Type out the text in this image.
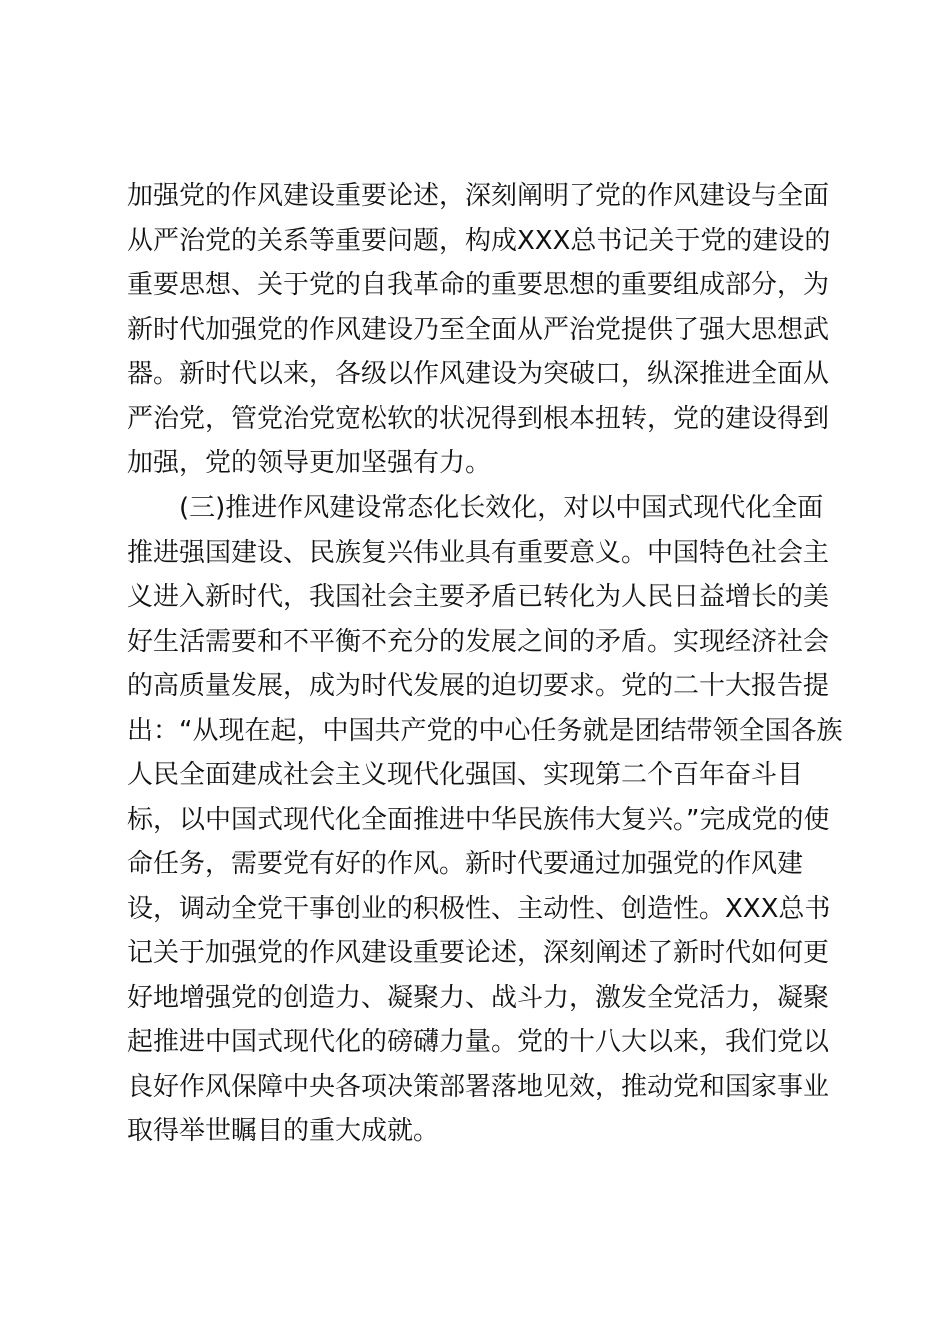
加强党的作风建设重要论述，深刻阐明了党的作风建设与全面
从严治党的关系等重要问题，构成XXX总书记关于党的建设的
重要思想、关于党的自我革命的重要思想的重要组成部分，为
新时代加强党的作风建设乃至全面从严治党提供了强大思想武
器。新时代以来，各级以作风建设为突破口，纵深推进全面从
严治党，管党治党宽松软的状况得到根本扭转，党的建设得到
加强，党的领导更加坚强有力。
(三)推进作风建设常态化长效化，对以中国式现代化全面
推进强国建设、民族复兴伟业具有重要意义。中国特色社会主
义进入新时代，我国社会主要矛盾已转化为人民日益增长的美
好生活需要和不平衡不充分的发展之间的矛盾。实现经济社会
的高质量发展，成为时代发展的迫切要求。党的二十大报告提
出：“从现在起，中国共产党的中心任务就是团结带领全国各族
人民全面建成社会主义现代化强国、实现第二个百年奋斗目
标，以中国式现代化全面推进中华民族伟大复兴。”完成党的使
命任务，需要党有好的作风。新时代要通过加强党的作风建
设，调动全党干事创业的积极性、主动性、创造性。XXX总书
记关于加强党的作风建设重要论述，深刻阐述了新时代如何更
好地增强党的创造力、凝聚力、战斗力，激发全党活力，凝聚
起推进中国式现代化的磅礴力量。党的十八大以来，我们党以
良好作风保障中央各项决策部署落地见效，推动党和国家事业
取得举世瞩目的重大成就。
